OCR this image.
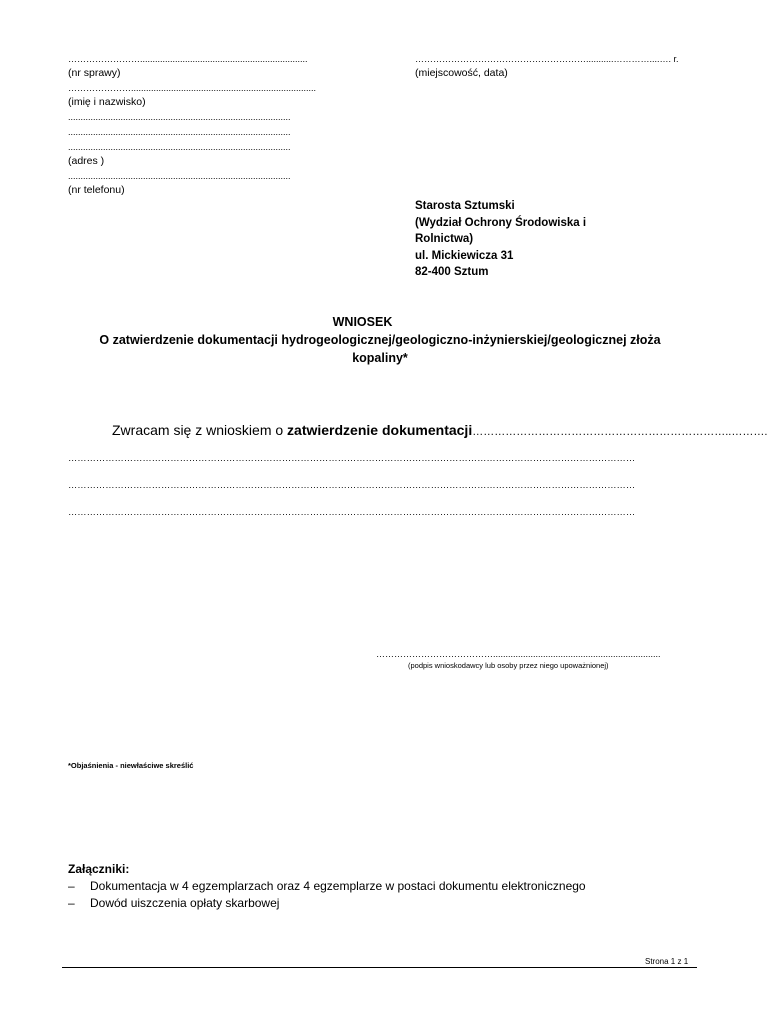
……………………...................................................................
(nr sprawy)
…………………..........................................................................
(imię i nazwisko)
.........................................................................................
.........................................................................................
.........................................................................................
(adres )
.........................................................................................
(nr telefonu)
…………………………………………………...........…………....…. r.
(miejscowość, data)
Starosta Sztumski
(Wydział Ochrony Środowiska i
Rolnictwa)
ul. Mickiewicza 31
82-400 Sztum
WNIOSEK
O zatwierdzenie dokumentacji hydrogeologicznej/geologiczno-inżynierskiej/geologicznej złoża
kopaliny*
Zwracam się z wnioskiem o zatwierdzenie dokumentacji……………………………………………………………..……….
…………………………………………………………………………………………………………………………………………………………………
…………………………………………………………………………………………………………………………………………………………………
…………………………………………………………………………………………………………………………………………………………………
…………………………………...................................................................
(podpis wnioskodawcy lub osoby przez niego upoważnionej)
*Objaśnienia - niewłaściwe skreślić
Załączniki:
– Dokumentacja w 4 egzemplarzach oraz 4 egzemplarze w postaci dokumentu elektronicznego
– Dowód uiszczenia opłaty skarbowej
Strona 1 z 1
